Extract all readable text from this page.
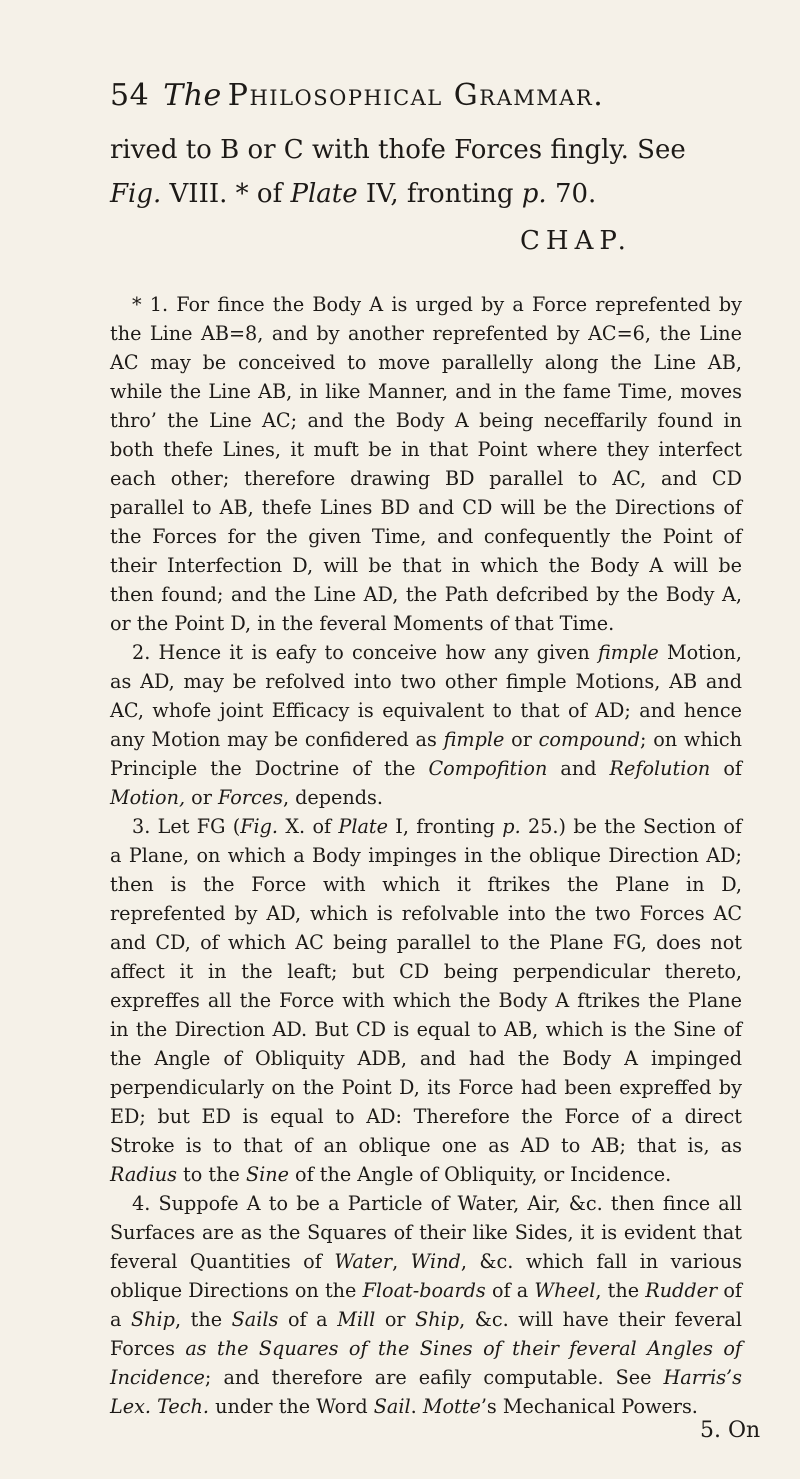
54 The Philosophical Grammar.
rived to B or C with thofe Forces fingly. See Fig. VIII. * of Plate IV, fronting p. 70.
CHAP.

* 1. For fince the Body A is urged by a Force reprefented by the Line AB=8, and by another reprefented by AC=6, the Line AC may be conceived to move parallelly along the Line AB, while the Line AB, in like Manner, and in the fame Time, moves thro’ the Line AC; and the Body A being neceffarily found in both thefe Lines, it muft be in that Point where they interfect each other; therefore drawing BD parallel to AC, and CD parallel to AB, thefe Lines BD and CD will be the Directions of the Forces for the given Time, and confequently the Point of their Interfection D, will be that in which the Body A will be then found; and the Line AD, the Path defcribed by the Body A, or the Point D, in the feveral Moments of that Time.

2. Hence it is eafy to conceive how any given fimple Motion, as AD, may be refolved into two other fimple Motions, AB and AC, whofe joint Efficacy is equivalent to that of AD; and hence any Motion may be confidered as fimple or compound; on which Principle the Doctrine of the Compofition and Refolution of Motion, or Forces, depends.

3. Let FG (Fig. X. of Plate I, fronting p. 25.) be the Section of a Plane, on which a Body impinges in the oblique Direction AD; then is the Force with which it ftrikes the Plane in D, reprefented by AD, which is refolvable into the two Forces AC and CD, of which AC being parallel to the Plane FG, does not affect it in the leaft; but CD being perpendicular thereto, expreffes all the Force with which the Body A ftrikes the Plane in the Direction AD. But CD is equal to AB, which is the Sine of the Angle of Obliquity ADB, and had the Body A impinged perpendicularly on the Point D, its Force had been expreffed by ED; but ED is equal to AD: Therefore the Force of a direct Stroke is to that of an oblique one as AD to AB; that is, as Radius to the Sine of the Angle of Obliquity, or Incidence.

4. Suppofe A to be a Particle of Water, Air, &c. then fince all Surfaces are as the Squares of their like Sides, it is evident that feveral Quantities of Water, Wind, &c. which fall in various oblique Directions on the Float-boards of a Wheel, the Rudder of a Ship, the Sails of a Mill or Ship, &c. will have their feveral Forces as the Squares of the Sines of their feveral Angles of Incidence; and therefore are eafily computable. See Harris’s Lex. Tech. under the Word Sail. Motte’s Mechanical Powers.

5. On
